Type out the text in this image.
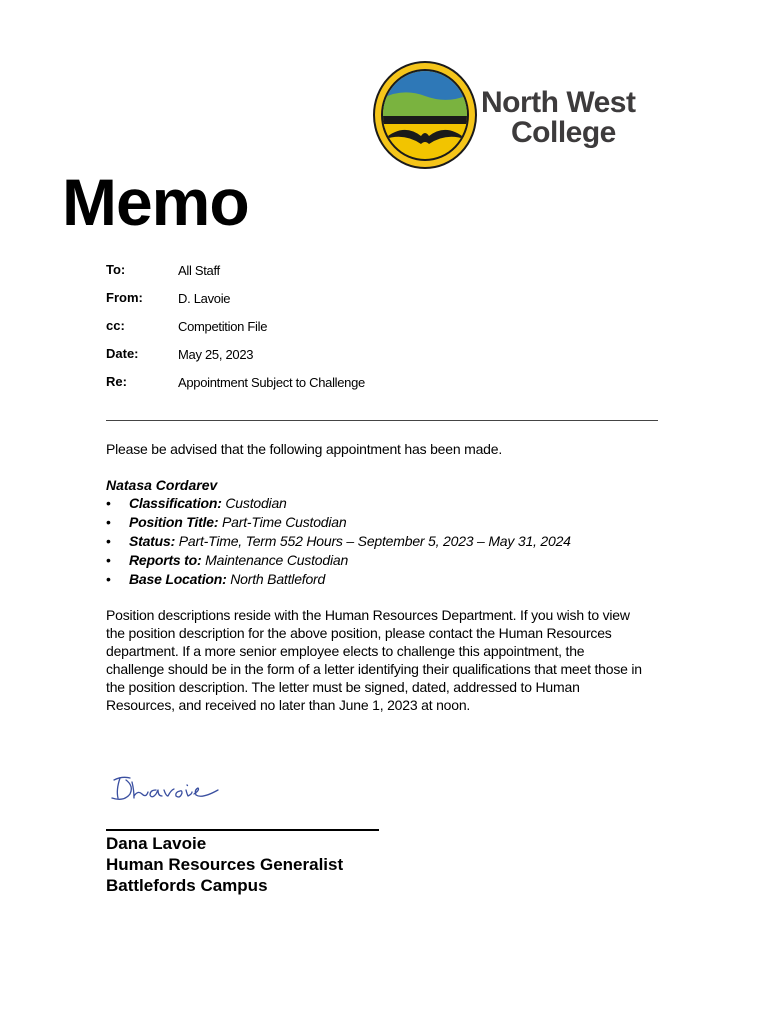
North West
College
Memo
To:	All Staff
From:	D. Lavoie
cc:	Competition File
Date:	May 25, 2023
Re:	Appointment Subject to Challenge
Please be advised that the following appointment has been made.
Natasa Cordarev
• Classification: Custodian
• Position Title: Part-Time Custodian
• Status: Part-Time, Term 552 Hours – September 5, 2023 – May 31, 2024
• Reports to: Maintenance Custodian
• Base Location: North Battleford
Position descriptions reside with the Human Resources Department. If you wish to view the position description for the above position, please contact the Human Resources department. If a more senior employee elects to challenge this appointment, the challenge should be in the form of a letter identifying their qualifications that meet those in the position description. The letter must be signed, dated, addressed to Human Resources, and received no later than June 1, 2023 at noon.
Dana Lavoie
Human Resources Generalist
Battlefords Campus
